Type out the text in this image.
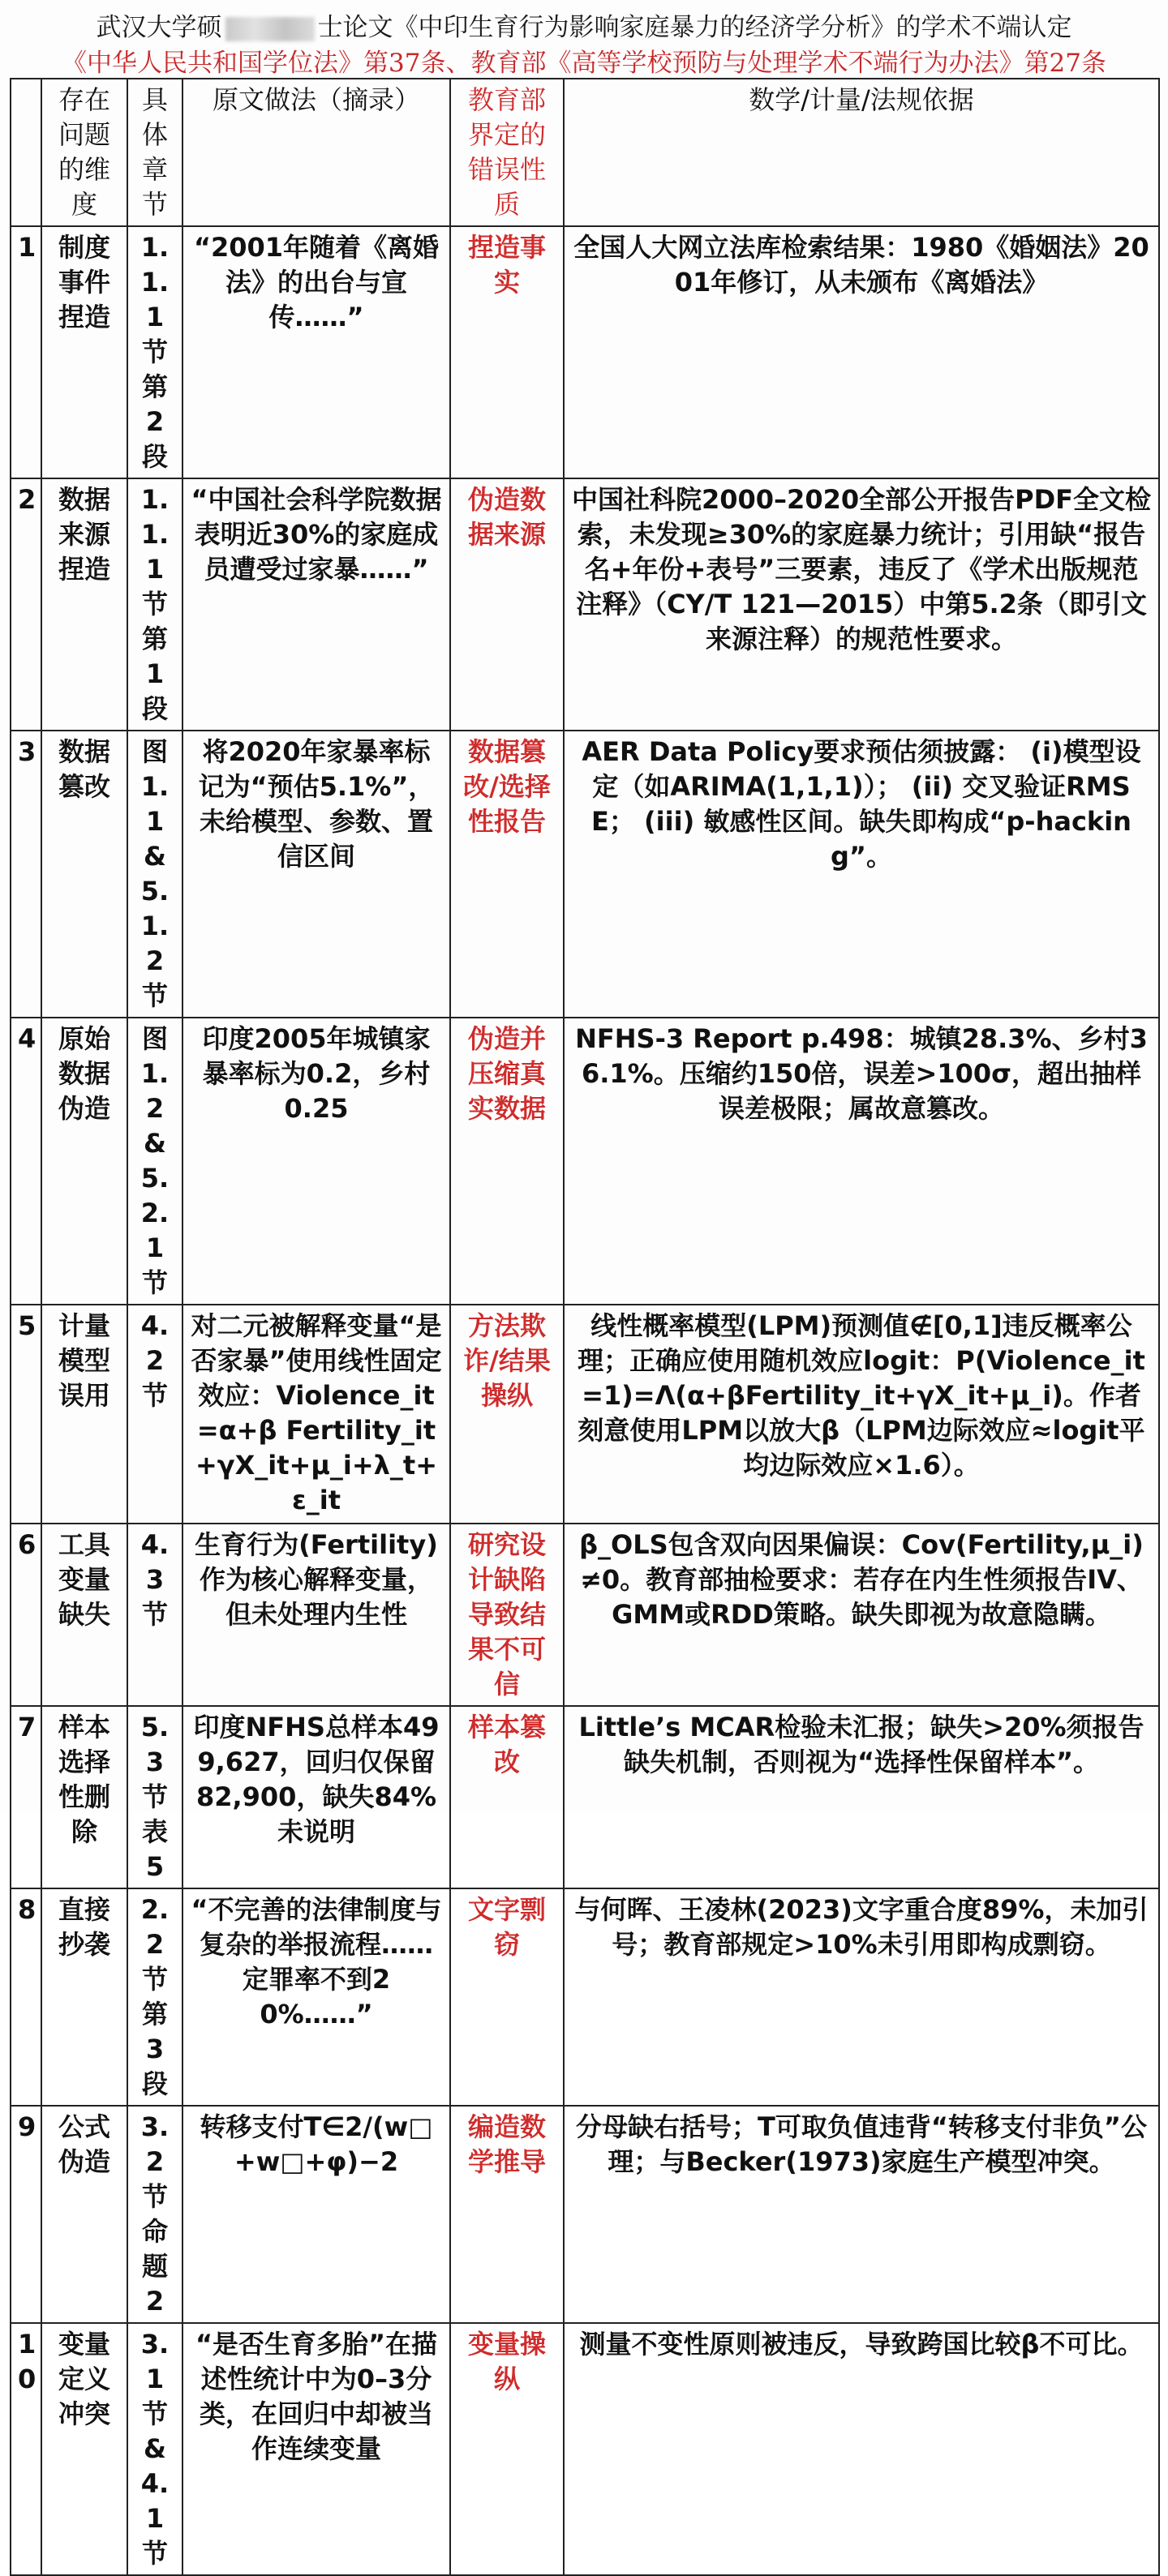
武汉大学硕	士论文《中印生育行为影响家庭暴力的经济学分析》的学术不端认定
《中华人民共和国学位法》第37条、教育部《高等学校预防与处理学术不端行为办法》第27条
	存在问题的维度	具体章节	原文做法（摘录）	教育部界定的错误性质	数学/计量/法规依据
1	制度事件捏造	1.1.1节第2段	“2001年随着《离婚法》的出台与宣传……”	捏造事实	全国人大网立法库检索结果：1980《婚姻法》2001年修订，从未颁布《离婚法》
2	数据来源捏造	1.1.1节第1段	“中国社会科学院数据表明近30%的家庭成员遭受过家暴……”	伪造数据来源	中国社科院2000–2020全部公开报告PDF全文检索，未发现≥30%的家庭暴力统计；引用缺“报告名+年份+表号”三要素，违反了《学术出版规范 注释》（CY/T 121—2015）中第5.2条（即引文来源注释）的规范性要求。
3	数据篡改	图1.1&5.1.2节	将2020年家暴率标记为“预估5.1%”，未给模型、参数、置信区间	数据篡改/选择性报告	AER Data Policy要求预估须披露： (i)模型设定（如ARIMA(1,1,1)）； (ii) 交叉验证RMSE； (iii) 敏感性区间。缺失即构成“p-hacking”。
4	原始数据伪造	图1.2&5.2.1节	印度2005年城镇家暴率标为0.2，乡村0.25	伪造并压缩真实数据	NFHS-3 Report p.498：城镇28.3%、乡村36.1%。压缩约150倍，误差>100σ，超出抽样误差极限；属故意篡改。
5	计量模型误用	4.2节	对二元被解释变量“是否家暴”使用线性固定效应：Violence_it=α+β Fertility_it+γX_it+μ_i+λ_t+ε_it	方法欺诈/结果操纵	线性概率模型(LPM)预测值∉[0,1]违反概率公理；正确应使用随机效应logit：P(Violence_it=1)=Λ(α+βFertility_it+γX_it+μ_i)。作者刻意使用LPM以放大β（LPM边际效应≈logit平均边际效应×1.6）。
6	工具变量缺失	4.3节	生育行为(Fertility)作为核心解释变量，但未处理内生性	研究设计缺陷导致结果不可信	β_OLS包含双向因果偏误：Cov(Fertility,μ_i)≠0。教育部抽检要求：若存在内生性须报告IV、GMM或RDD策略。缺失即视为故意隐瞒。
7	样本选择性删除	5.3节表5	印度NFHS总样本499,627，回归仅保留82,900，缺失84%未说明	样本篡改	Little’s MCAR检验未汇报；缺失>20%须报告缺失机制，否则视为“选择性保留样本”。
8	直接抄袭	2.2节第3段	“不完善的法律制度与复杂的举报流程……定罪率不到20%……”	文字剽窃	与何晖、王凌林(2023)文字重合度89%，未加引号；教育部规定>10%未引用即构成剽窃。
9	公式伪造	3.2节命题2	转移支付T∈2/(w□+w□+φ)−2	编造数学推导	分母缺右括号；T可取负值违背“转移支付非负”公理；与Becker(1973)家庭生产模型冲突。
10	变量定义冲突	3.1节&4.1节	“是否生育多胎”在描述性统计中为0–3分类，在回归中却被当作连续变量	变量操纵	测量不变性原则被违反，导致跨国比较β不可比。
